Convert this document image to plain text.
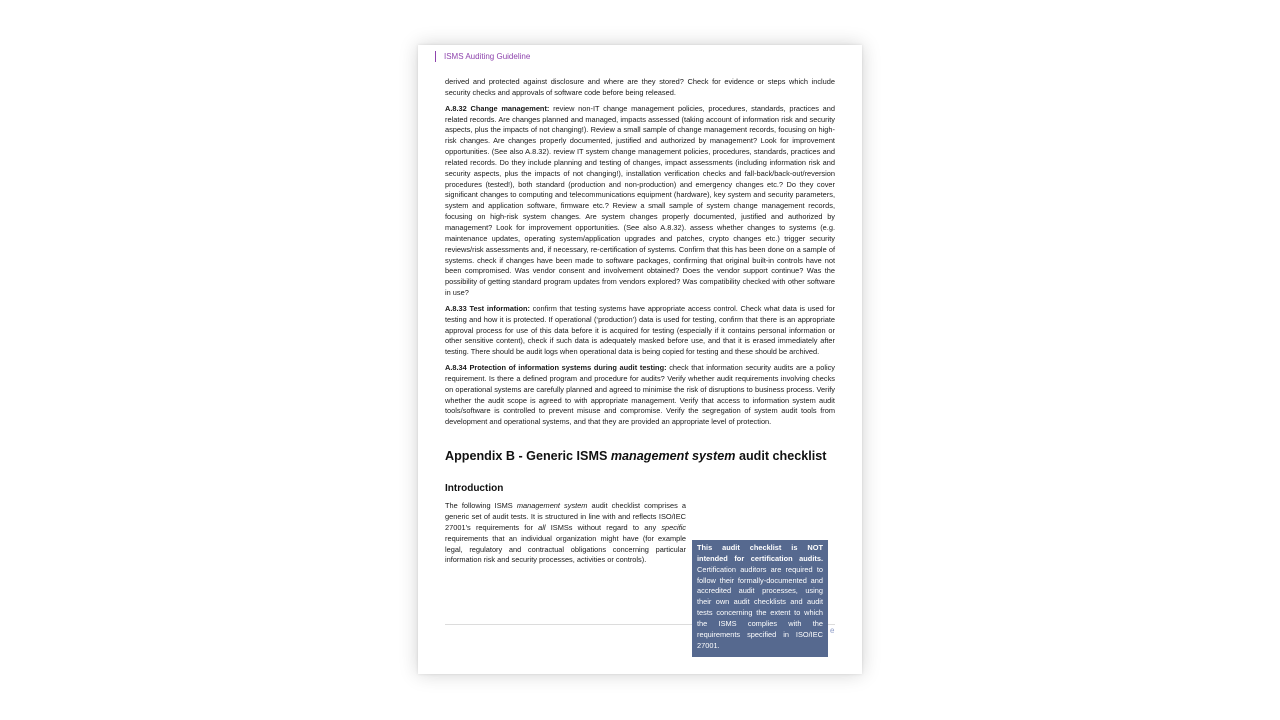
ISMS Auditing Guideline

derived and protected against disclosure and where are they stored? Check for evidence or steps which include security checks and approvals of software code before being released.

A.8.32 Change management: review non-IT change management policies, procedures, standards, practices and related records. Are changes planned and managed, impacts assessed (taking account of information risk and security aspects, plus the impacts of not changing!). Review a small sample of change management records, focusing on high-risk changes. Are changes properly documented, justified and authorized by management? Look for improvement opportunities. (See also A.8.32). review IT system change management policies, procedures, standards, practices and related records. Do they include planning and testing of changes, impact assessments (including information risk and security aspects, plus the impacts of not changing!), installation verification checks and fall-back/back-out/reversion procedures (tested!), both standard (production and non-production) and emergency changes etc.? Do they cover significant changes to computing and telecommunications equipment (hardware), key system and security parameters, system and application software, firmware etc.? Review a small sample of system change management records, focusing on high-risk system changes. Are system changes properly documented, justified and authorized by management? Look for improvement opportunities. (See also A.8.32). assess whether changes to systems (e.g. maintenance updates, operating system/application upgrades and patches, crypto changes etc.) trigger security reviews/risk assessments and, if necessary, re-certification of systems. Confirm that this has been done on a sample of systems. check if changes have been made to software packages, confirming that original built-in controls have not been compromised. Was vendor consent and involvement obtained? Does the vendor support continue? Was the possibility of getting standard program updates from vendors explored? Was compatibility checked with other software in use?

A.8.33 Test information: confirm that testing systems have appropriate access control. Check what data is used for testing and how it is protected. If operational (‘production’) data is used for testing, confirm that there is an appropriate approval process for use of this data before it is acquired for testing (especially if it contains personal information or other sensitive content), check if such data is adequately masked before use, and that it is erased immediately after testing. There should be audit logs when operational data is being copied for testing and these should be archived.

A.8.34 Protection of information systems during audit testing: check that information security audits are a policy requirement. Is there a defined program and procedure for audits? Verify whether audit requirements involving checks on operational systems are carefully planned and agreed to minimise the risk of disruptions to business process. Verify whether the audit scope is agreed to with appropriate management. Verify that access to information system audit tools/software is controlled to prevent misuse and compromise. Verify the segregation of system audit tools from development and operational systems, and that they are provided an appropriate level of protection.

Appendix B - Generic ISMS management system audit checklist
Introduction

The following ISMS management system audit checklist comprises a generic set of audit tests. It is structured in line with and reflects ISO/IEC 27001’s requirements for all ISMSs without regard to any specific requirements that an individual organization might have (for example legal, regulatory and contractual obligations concerning particular information risk and security processes, activities or controls).

e
This audit checklist is NOT intended for certification audits. Certification auditors are required to follow their formally-documented and accredited audit processes, using their own audit checklists and audit tests concerning the extent to which the ISMS complies with the requirements specified in ISO/IEC 27001.
